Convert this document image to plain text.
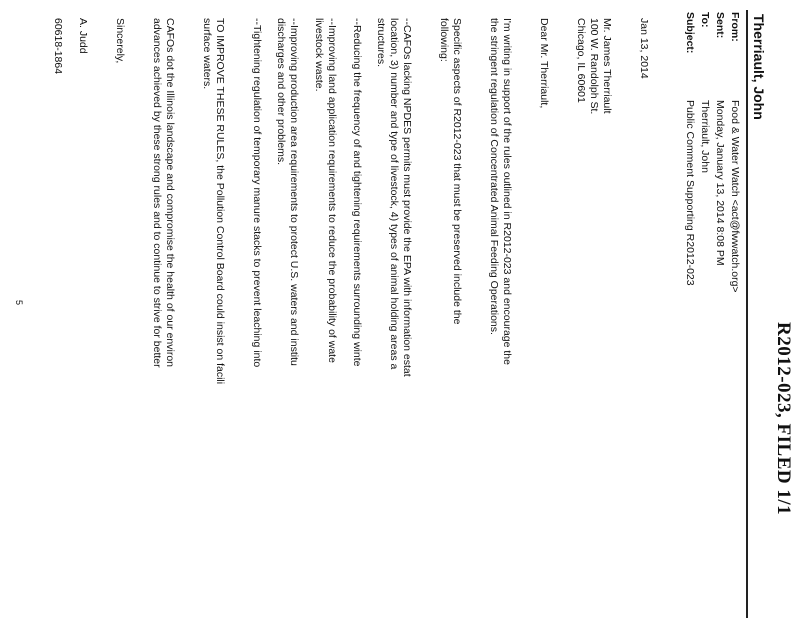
R2012-023, FILED 1/1
Therriault, John
From:
Food & Water Watch <act@fwwatch.org>
Sent:
Monday, January 13, 2014 8:08 PM
To:
Therriault, John
Subject:
Public Comment Supporting R2012-023
Jan 13, 2014
Mr. James Therriault
100 W. Randolph St.
Chicago, IL 60601
Dear Mr. Therriault,
I'm writing in support of the rules outlined in R2012-023 and encourage the
the stringent regulation of Concentrated Animal Feeding Operations.
Specific aspects of R2012-023 that must be preserved include the
following:
--CAFOs lacking NPDES permits must provide the EPA with information estat
location, 3) number and type of livestock, 4) types of animal holding areas a
structures.
--Reducing the frequency of and tightening requirements surrounding winte
--Improving land application requirements to reduce the probability of wate
livestock waste.
--Improving production area requirements to protect U.S. waters and institu
discharges and other problems.
--Tightening regulation of temporary manure stacks to prevent leaching into
TO IMPROVE THESE RULES, the Pollution Control Board could insist on facili
surface waters.
CAFOs dot the Illinois landscape and compromise the health of our environ
advances achieved by these strong rules and to continue to strive for better
Sincerely,
A. Judd
60618-1864
5
